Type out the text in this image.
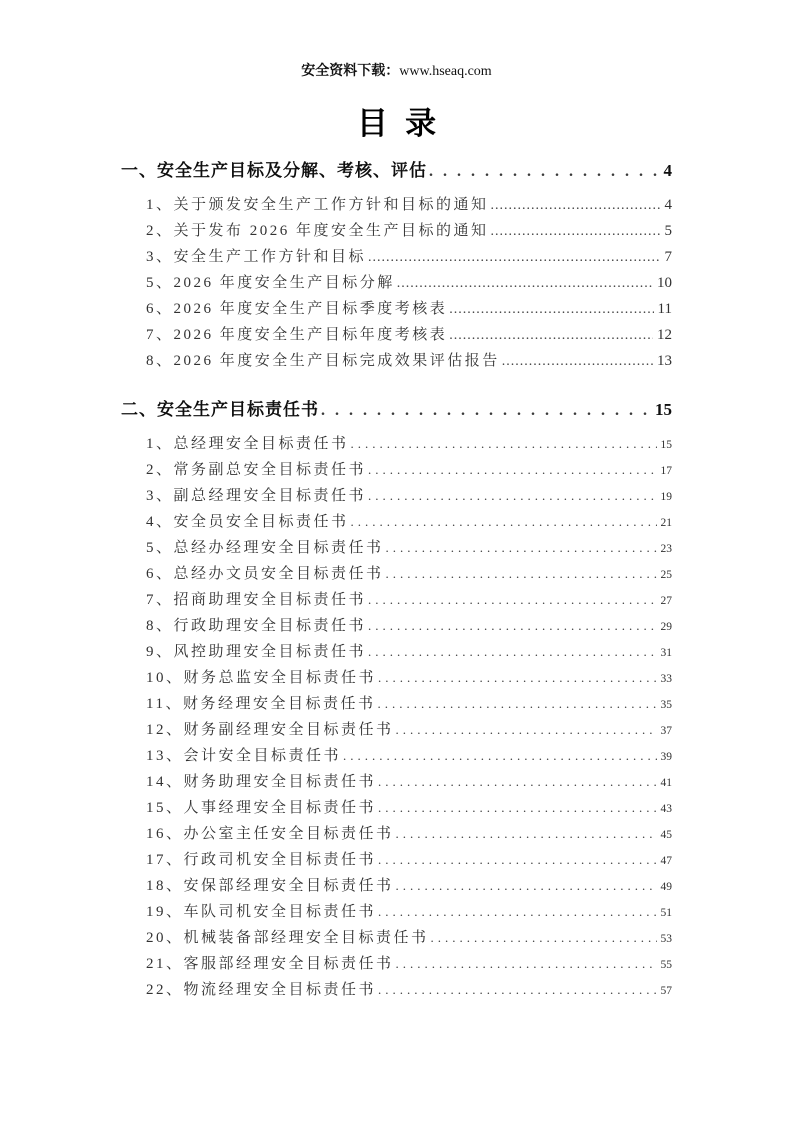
安全资料下载：www.hseaq.com
目  录
一、安全生产目标及分解、考核、评估 . . .	4
1、关于颁发安全生产工作方针和目标的通知 .....	4
2、关于发布 2026 年度安全生产目标的通知 .....	5
3、安全生产工作方针和目标 .....	7
5、2026 年度安全生产目标分解 .....	10
6、2026 年度安全生产目标季度考核表 .....	11
7、2026 年度安全生产目标年度考核表 .....	12
8、2026 年度安全生产目标完成效果评估报告 .....	13
二、安全生产目标责任书 . . .	15
1、总经理安全目标责任书 .....	15
2、常务副总安全目标责任书 .....	17
3、副总经理安全目标责任书 .....	19
4、安全员安全目标责任书 .....	21
5、总经办经理安全目标责任书 .....	23
6、总经办文员安全目标责任书 .....	25
7、招商助理安全目标责任书 .....	27
8、行政助理安全目标责任书 .....	29
9、风控助理安全目标责任书 .....	31
10、财务总监安全目标责任书 .....	33
11、财务经理安全目标责任书 .....	35
12、财务副经理安全目标责任书 .....	37
13、会计安全目标责任书 .....	39
14、财务助理安全目标责任书 .....	41
15、人事经理安全目标责任书 .....	43
16、办公室主任安全目标责任书 .....	45
17、行政司机安全目标责任书 .....	47
18、安保部经理安全目标责任书 .....	49
19、车队司机安全目标责任书 .....	51
20、机械装备部经理安全目标责任书 .....	53
21、客服部经理安全目标责任书 .....	55
22、物流经理安全目标责任书 .....	57
